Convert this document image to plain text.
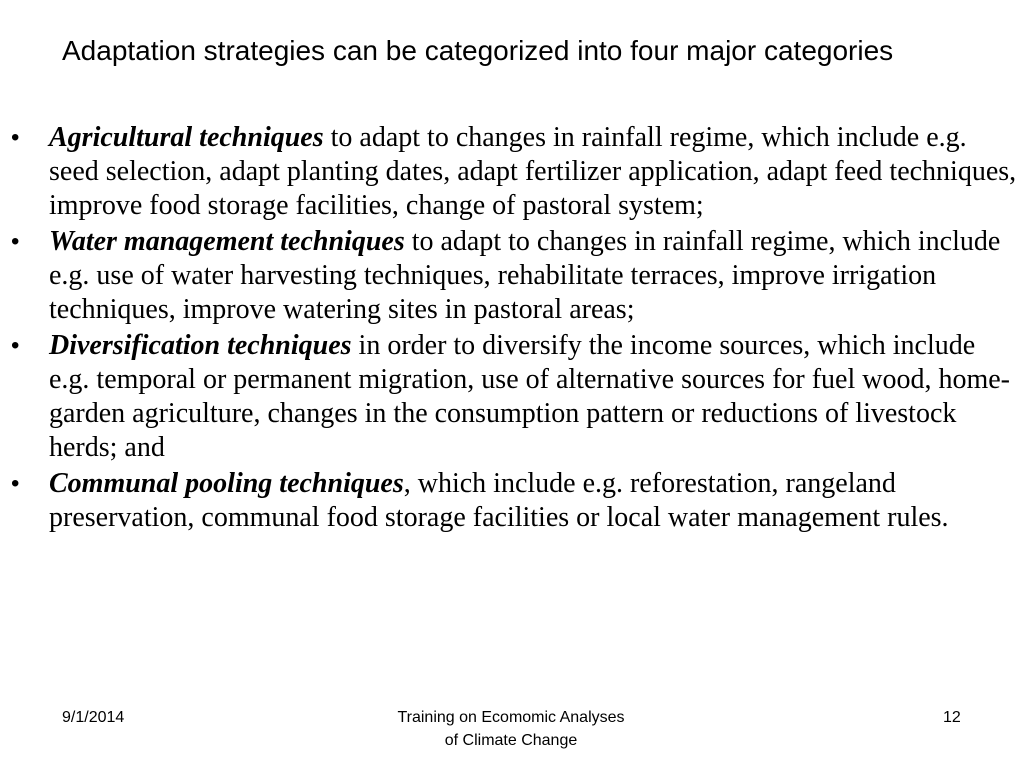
Adaptation strategies can be categorized into four major categories
• Agricultural techniques to adapt to changes in rainfall regime, which include e.g. seed selection, adapt planting dates, adapt fertilizer application, adapt feed techniques, improve food storage facilities, change of pastoral system;
• Water management techniques to adapt to changes in rainfall regime, which include e.g. use of water harvesting techniques, rehabilitate terraces, improve irrigation techniques, improve watering sites in pastoral areas;
• Diversification techniques in order to diversify the income sources, which include e.g. temporal or permanent migration, use of alternative sources for fuel wood, home-garden agriculture, changes in the consumption pattern or reductions of livestock herds; and
• Communal pooling techniques, which include e.g. reforestation, rangeland preservation, communal food storage facilities or local water management rules.
9/1/2014	Training on Ecomomic Analyses
of Climate Change
12
